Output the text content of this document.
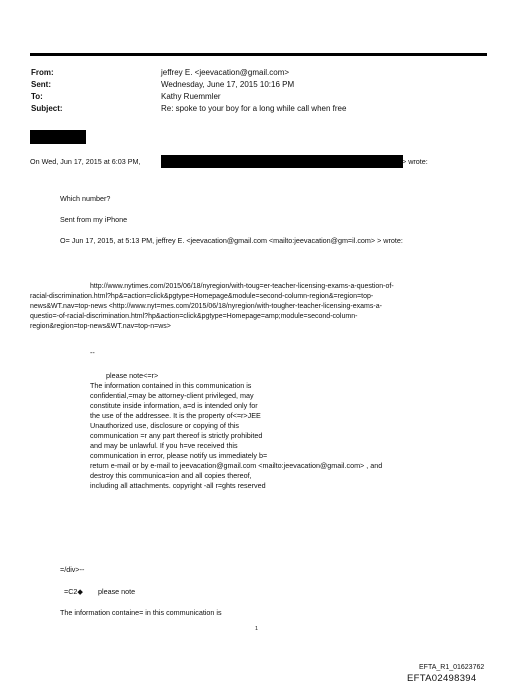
From:	jeffrey E. <jeevacation@gmail.com>
Sent:	Wednesday, June 17, 2015 10:16 PM
To:	Kathy Ruemmler
Subject:	Re: spoke to your boy for a long while call when free
On Wed, Jun 17, 2015 at 6:03 PM,	> wrote:
Which number?
Sent from my iPhone
O= Jun 17, 2015, at 5:13 PM, jeffrey E. <jeevacation@gmail.com <mailto:jeevacation@gm=il.com> > wrote:
http://www.nytimes.com/2015/06/18/nyregion/with-toug=er-teacher-licensing-exams-a-question-of-
racial-discrimination.html?hp&=action=click&pgtype=Homepage&module=second-column-region&=region=top-
news&WT.nav=top-news <http://www.nyt=mes.com/2015/06/18/nyregion/with-tougher-teacher-licensing-exams-a-
questio=-of-racial-discrimination.html?hp&action=click&pgtype=Homepage=amp;module=second-column-
region&region=top-news&WT.nav=top-n=ws>
--
please note<=r>
The information contained in this communication is
confidential,=may be attorney-client privileged, may
constitute inside information, a=d is intended only for
the use of the addressee. It is the property of<=r>JEE
Unauthorized use, disclosure or copying of this
communication =r any part thereof is strictly prohibited
and may be unlawful. If you h=ve received this
communication in error, please notify us immediately b=
return e-mail or by e-mail to jeevacation@gmail.com <mailto:jeevacation@gmail.com> , and
destroy this communica=ion and all copies thereof,
including all attachments. copyright -all r=ghts reserved
=/div>--
=C2◆ please note
The information containe= in this communication is
1
EFTA_R1_01623762
EFTA02498394
